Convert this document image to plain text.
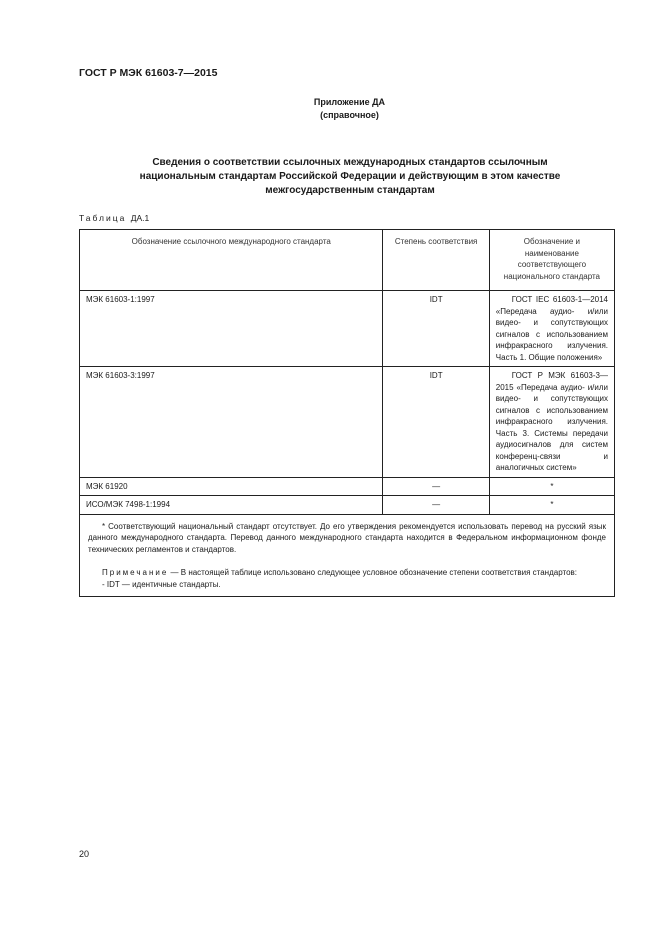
ГОСТ Р МЭК 61603-7—2015
Приложение ДА
(справочное)
Сведения о соответствии ссылочных международных стандартов ссылочным
национальным стандартам Российской Федерации и действующим в этом качестве
межгосударственным стандартам
Таблица ДА.1
Обозначение ссылочного международного стандарта	Степень соответствия	Обозначение и наименование соответствующего национального стандарта
МЭК 61603-1:1997	IDT	ГОСТ IEC 61603-1—2014 «Передача аудио- и/или видео- и сопутствующих сигналов с использованием инфракрасного излучения. Часть 1. Общие положения»

МЭК 61603-3:1997	IDT	ГОСТ Р МЭК 61603-3—2015 «Передача аудио- и/или видео- и сопутствующих сигналов с использованием инфракрасного излучения. Часть 3. Системы передачи аудиосигналов для систем конференц-связи и аналогичных систем»

МЭК 61920	—	*
ИСО/МЭК 7498-1:1994	—	*

* Соответствующий национальный стандарт отсутствует. До его утверждения рекомендуется использовать перевод на русский язык данного международного стандарта. Перевод данного международного стандарта находится в Федеральном информационном фонде технических регламентов и стандартов.

Примечание — В настоящей таблице использовано следующее условное обозначение степени соответствия стандартов:

- IDT — идентичные стандарты.		

20
